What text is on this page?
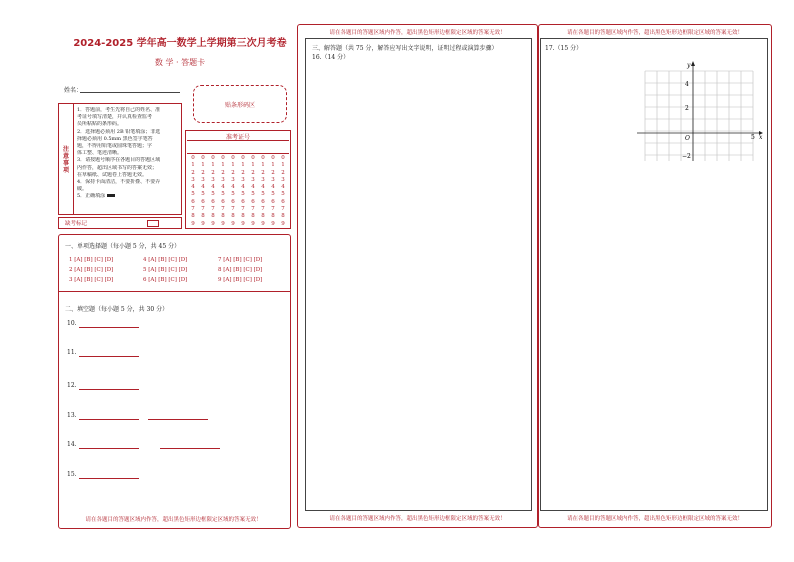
2024-2025 学年高一数学上学期第三次月考卷
数 学 · 答题卡
姓名：
贴条形码区
注意事项
1．答题前，考生先将自己的姓名、准
考证号填写清楚，并认真检查监考
员所粘贴的条形码。
2．选择题必须用 2B 铅笔填涂；非选
择题必须用 0.5mm 黑色签字笔答
题，不得用铅笔或圆珠笔答题；字
体工整、笔迹清晰。
3．请按题号顺序在各题目的答题区域
内作答，超出区域书写的答案无效；
在草稿纸、试题卷上答题无效。
4．保持卡面清洁，不要折叠、不要弄
破。
5．正确填涂
缺考标记
准考证号
0
1
2
3
4
5
6
7
8
9
0
1
2
3
4
5
6
7
8
9
0
1
2
3
4
5
6
7
8
9
0
1
2
3
4
5
6
7
8
9
0
1
2
3
4
5
6
7
8
9
0
1
2
3
4
5
6
7
8
9
0
1
2
3
4
5
6
7
8
9
0
1
2
3
4
5
6
7
8
9
0
1
2
3
4
5
6
7
8
9
0
1
2
3
4
5
6
7
8
9
一、单项选择题（每小题 5 分，共 45 分）
1 [A] [B] [C] [D]
2 [A] [B] [C] [D]
3 [A] [B] [C] [D]
4 [A] [B] [C] [D]
5 [A] [B] [C] [D]
6 [A] [B] [C] [D]
7 [A] [B] [C] [D]
8 [A] [B] [C] [D]
9 [A] [B] [C] [D]
二、填空题（每小题 5 分，共 30 分）
10.
11.
12.
13.
14.
15.
请在各题目的答题区域内作答，超出黑色矩形边框限定区域的答案无效！
请在各题目的答题区域内作答，超出黑色矩形边框限定区域的答案无效！
请在各题目的答题区域内作答，超出黑色矩形边框限定区域的答案无效！
三、解答题（共 75 分，解答应写出文字说明，证明过程或演算步骤）
16.（14 分）
请在各题目的答题区域内作答，超出黑色矩形边框限定区域的答案无效！
请在各题目的答题区域内作答，超出黑色矩形边框限定区域的答案无效！
17.（15 分）
x
y
O	5
4
2
−2
